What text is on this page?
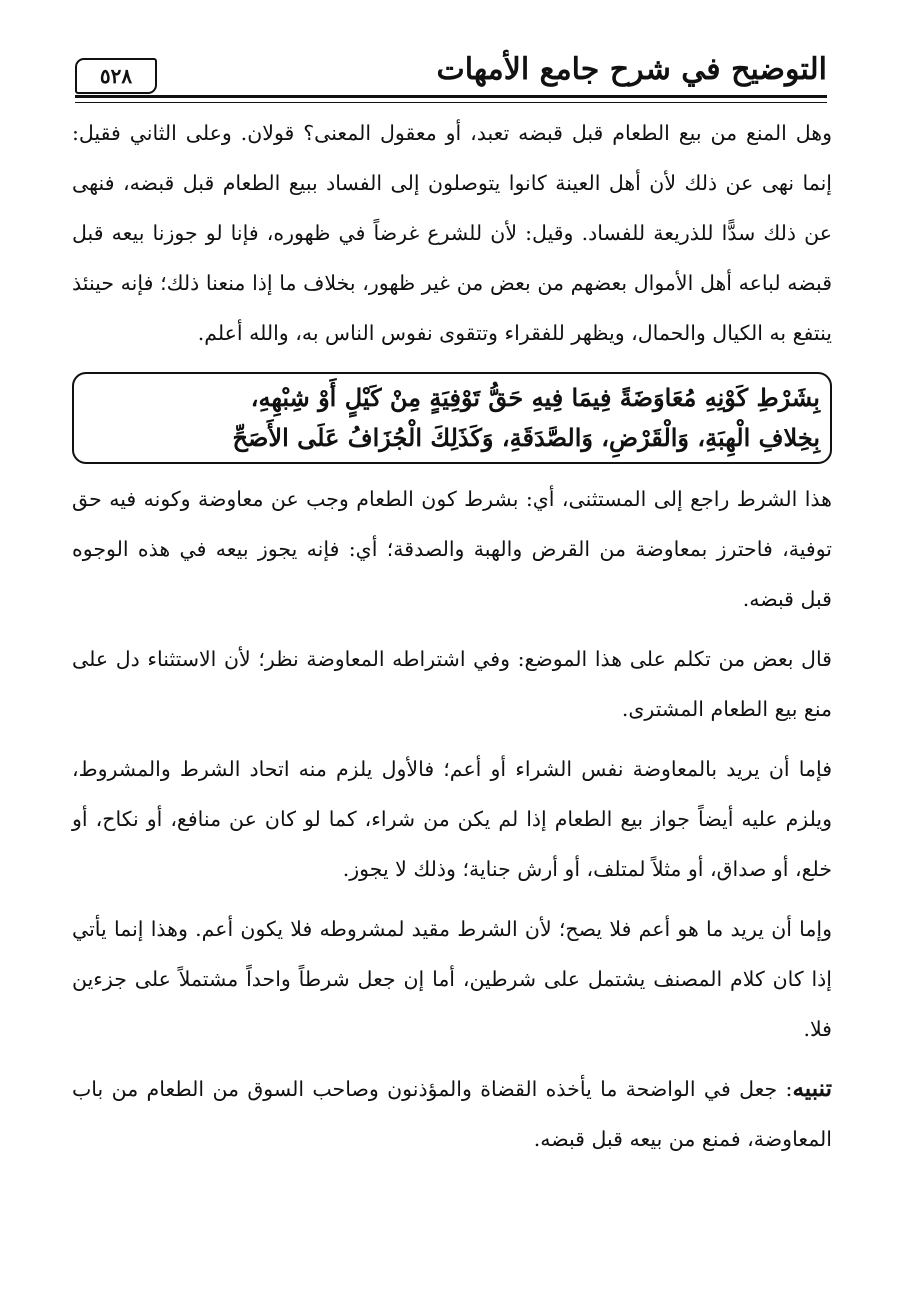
التوضيح في شرح جامع الأمهات
٥٢٨

وهل المنع من بيع الطعام قبل قبضه تعبد، أو معقول المعنى؟ قولان. وعلى الثاني فقيل: إنما نهى عن ذلك لأن أهل العينة كانوا يتوصلون إلى الفساد ببيع الطعام قبل قبضه، فنهى عن ذلك سدًّا للذريعة للفساد. وقيل: لأن للشرع غرضاً في ظهوره، فإنا لو جوزنا بيعه قبل قبضه لباعه أهل الأموال بعضهم من بعض من غير ظهور، بخلاف ما إذا منعنا ذلك؛ فإنه حينئذ ينتفع به الكيال والحمال، ويظهر للفقراء وتتقوى نفوس الناس به، والله أعلم.

بِشَرْطِ كَوْنِهِ مُعَاوَضَةً فِيمَا فِيهِ حَقُّ تَوْفِيَةٍ مِنْ كَيْلٍ أَوْ شِبْهِهِ،
بِخِلافِ الْهِبَةِ، وَالْقَرْضِ، وَالصَّدَقَةِ، وَكَذَلِكَ الْجُزَافُ عَلَى الأَصَحِّ

هذا الشرط راجع إلى المستثنى، أي: بشرط كون الطعام وجب عن معاوضة وكونه فيه حق توفية، فاحترز بمعاوضة من القرض والهبة والصدقة؛ أي: فإنه يجوز بيعه في هذه الوجوه قبل قبضه.

قال بعض من تكلم على هذا الموضع: وفي اشتراطه المعاوضة نظر؛ لأن الاستثناء دل على منع بيع الطعام المشترى.

فإما أن يريد بالمعاوضة نفس الشراء أو أعم؛ فالأول يلزم منه اتحاد الشرط والمشروط، ويلزم عليه أيضاً جواز بيع الطعام إذا لم يكن من شراء، كما لو كان عن منافع، أو نكاح، أو خلع، أو صداق، أو مثلاً لمتلف، أو أرش جناية؛ وذلك لا يجوز.

وإما أن يريد ما هو أعم فلا يصح؛ لأن الشرط مقيد لمشروطه فلا يكون أعم. وهذا إنما يأتي إذا كان كلام المصنف يشتمل على شرطين، أما إن جعل شرطاً واحداً مشتملاً على جزءين فلا.

تنبيه: جعل في الواضحة ما يأخذه القضاة والمؤذنون وصاحب السوق من الطعام من باب المعاوضة، فمنع من بيعه قبل قبضه.
